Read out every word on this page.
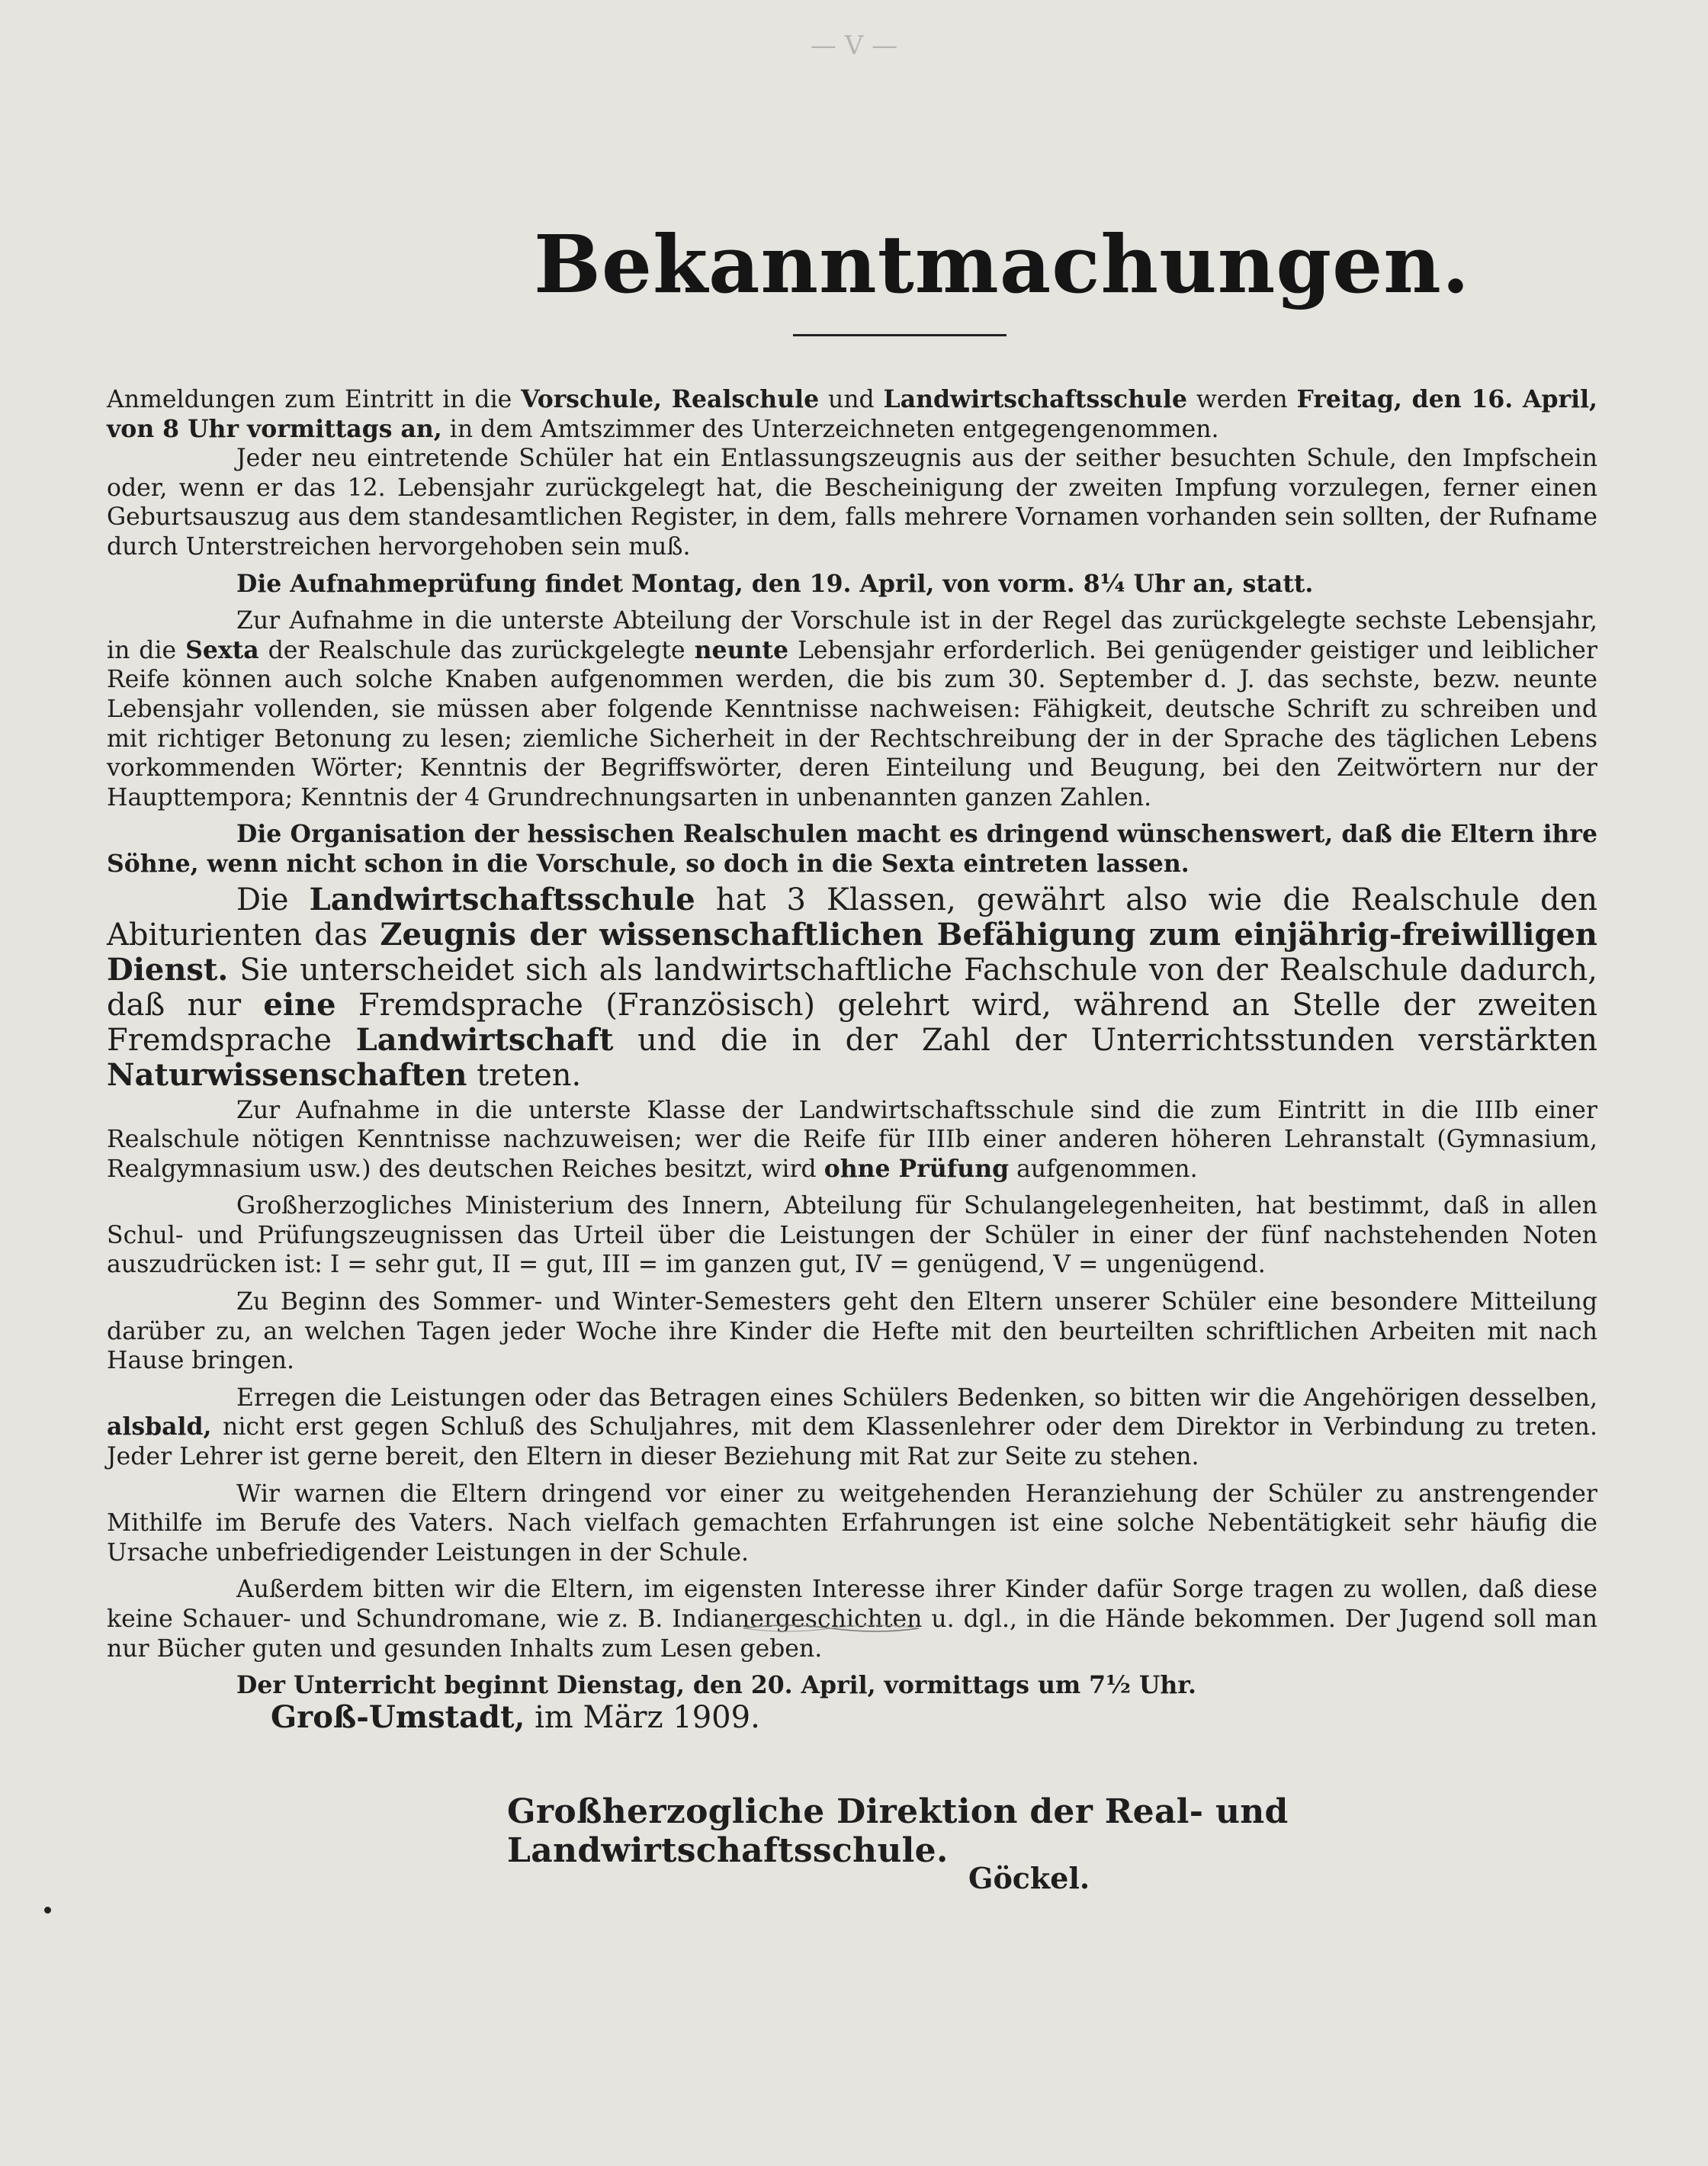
— V —
Bekanntmachungen.

Anmeldungen zum Eintritt in die Vorschule, Realschule und Landwirtschaftsschule werden Freitag, den 16. April, von 8 Uhr vormittags an, in dem Amtszimmer des Unterzeichneten entgegengenommen.

Jeder neu eintretende Schüler hat ein Entlassungszeugnis aus der seither besuchten Schule, den Impfschein oder, wenn er das 12. Lebensjahr zurückgelegt hat, die Bescheinigung der zweiten Impfung vorzulegen, ferner einen Geburtsauszug aus dem standesamtlichen Register, in dem, falls mehrere Vornamen vorhanden sein sollten, der Rufname durch Unterstreichen hervorgehoben sein muß.

Die Aufnahmeprüfung findet Montag, den 19. April, von vorm. 8¼ Uhr an, statt.

Zur Aufnahme in die unterste Abteilung der Vorschule ist in der Regel das zurückgelegte sechste Lebensjahr, in die Sexta der Realschule das zurückgelegte neunte Lebensjahr erforderlich. Bei genügender geistiger und leiblicher Reife können auch solche Knaben aufgenommen werden, die bis zum 30. September d. J. das sechste, bezw. neunte Lebensjahr vollenden, sie müssen aber folgende Kenntnisse nachweisen: Fähigkeit, deutsche Schrift zu schreiben und mit richtiger Betonung zu lesen; ziemliche Sicherheit in der Rechtschreibung der in der Sprache des täglichen Lebens vorkommenden Wörter; Kenntnis der Begriffswörter, deren Einteilung und Beugung, bei den Zeitwörtern nur der Haupttempora; Kenntnis der 4 Grundrechnungsarten in unbenannten ganzen Zahlen.

Die Organisation der hessischen Realschulen macht es dringend wünschenswert, daß die Eltern ihre Söhne, wenn nicht schon in die Vorschule, so doch in die Sexta eintreten lassen.

Die Landwirtschaftsschule hat 3 Klassen, gewährt also wie die Realschule den Abiturienten das Zeugnis der wissenschaftlichen Befähigung zum einjährig-freiwilligen Dienst. Sie unterscheidet sich als landwirtschaftliche Fachschule von der Realschule dadurch, daß nur eine Fremdsprache (Französisch) gelehrt wird, während an Stelle der zweiten Fremdsprache Landwirtschaft und die in der Zahl der Unterrichtsstunden verstärkten Naturwissenschaften treten.

Zur Aufnahme in die unterste Klasse der Landwirtschaftsschule sind die zum Eintritt in die IIIb einer Realschule nötigen Kenntnisse nachzuweisen; wer die Reife für IIIb einer anderen höheren Lehranstalt (Gymnasium, Realgymnasium usw.) des deutschen Reiches besitzt, wird ohne Prüfung aufgenommen.

Großherzogliches Ministerium des Innern, Abteilung für Schulangelegenheiten, hat bestimmt, daß in allen Schul- und Prüfungszeugnissen das Urteil über die Leistungen der Schüler in einer der fünf nachstehenden Noten auszudrücken ist: I = sehr gut, II = gut, III = im ganzen gut, IV = genügend, V = ungenügend.

Zu Beginn des Sommer- und Winter-Semesters geht den Eltern unserer Schüler eine besondere Mitteilung darüber zu, an welchen Tagen jeder Woche ihre Kinder die Hefte mit den beurteilten schriftlichen Arbeiten mit nach Hause bringen.

Erregen die Leistungen oder das Betragen eines Schülers Bedenken, so bitten wir die Angehörigen desselben, alsbald, nicht erst gegen Schluß des Schuljahres, mit dem Klassenlehrer oder dem Direktor in Verbindung zu treten. Jeder Lehrer ist gerne bereit, den Eltern in dieser Beziehung mit Rat zur Seite zu stehen.

Wir warnen die Eltern dringend vor einer zu weitgehenden Heranziehung der Schüler zu anstrengender Mithilfe im Berufe des Vaters. Nach vielfach gemachten Erfahrungen ist eine solche Nebentätigkeit sehr häufig die Ursache unbefriedigender Leistungen in der Schule.

Außerdem bitten wir die Eltern, im eigensten Interesse ihrer Kinder dafür Sorge tragen zu wollen, daß diese keine Schauer- und Schundromane, wie z. B. Indianergeschichten u. dgl., in die Hände bekommen. Der Jugend soll man nur Bücher guten und gesunden Inhalts zum Lesen geben.

Der Unterricht beginnt Dienstag, den 20. April, vormittags um 7½ Uhr.

Groß-Umstadt, im März 1909.
Großherzogliche Direktion der Real- und Landwirtschaftsschule.
Göckel.
